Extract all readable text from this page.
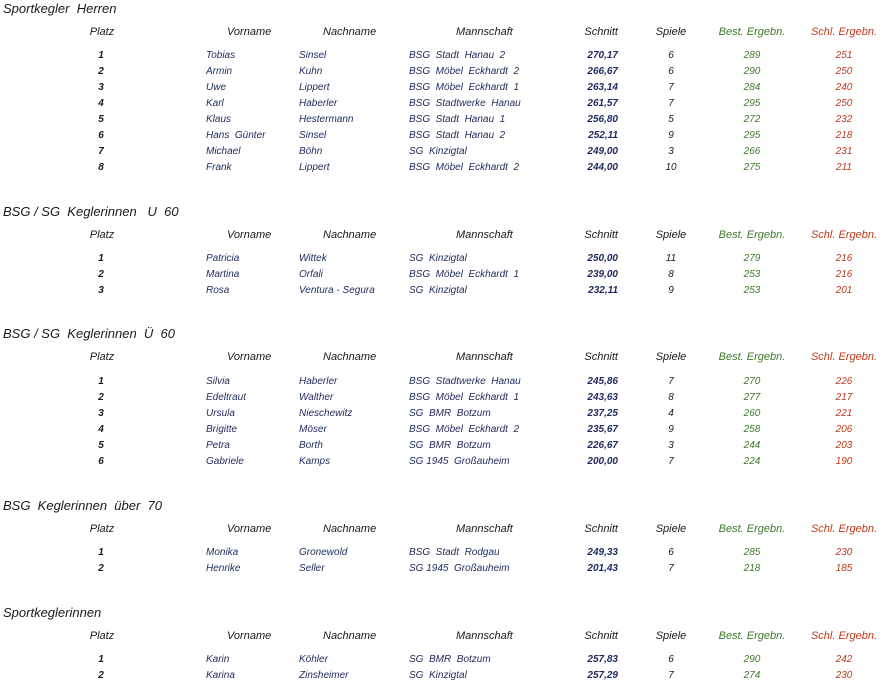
Sportkegler  Herren
Platz	Vorname	Nachname	Mannschaft	Schnitt	Spiele	Best. Ergebn.	Schl. Ergebn.
1	Tobias	Sinsel	BSG  Stadt  Hanau  2	270,17	6	289	251
2	Armin	Kuhn	BSG  Möbel  Eckhardt  2	266,67	6	290	250
3	Uwe	Lippert	BSG  Möbel  Eckhardt  1	263,14	7	284	240
4	Karl	Haberler	BSG  Stadtwerke  Hanau	261,57	7	295	250
5	Klaus	Hestermann	BSG  Stadt  Hanau  1	256,80	5	272	232
6	Hans  Günter	Sinsel	BSG  Stadt  Hanau  2	252,11	9	295	218
7	Michael	Böhn	SG  Kinzigtal	249,00	3	266	231
8	Frank	Lippert	BSG  Möbel  Eckhardt  2	244,00	10	275	211
BSG / SG  Keglerinnen   U  60
Platz	Vorname	Nachname	Mannschaft	Schnitt	Spiele	Best. Ergebn.	Schl. Ergebn.
1	Patricia	Wittek	SG  Kinzigtal	250,00	11	279	216
2	Martina	Orfali	BSG  Möbel  Eckhardt  1	239,00	8	253	216
3	Rosa	Ventura - Segura	SG  Kinzigtal	232,11	9	253	201
BSG / SG  Keglerinnen  Ü  60
Platz	Vorname	Nachname	Mannschaft	Schnitt	Spiele	Best. Ergebn.	Schl. Ergebn.
1	Silvia	Haberler	BSG  Stadtwerke  Hanau	245,86	7	270	226
2	Edeltraut	Walther	BSG  Möbel  Eckhardt  1	243,63	8	277	217
3	Ursula	Nieschewitz	SG  BMR  Botzum	237,25	4	260	221
4	Brigitte	Möser	BSG  Möbel  Eckhardt  2	235,67	9	258	206
5	Petra	Borth	SG  BMR  Botzum	226,67	3	244	203
6	Gabriele	Kamps	SG 1945  Großauheim	200,00	7	224	190
BSG  Keglerinnen  über  70
Platz	Vorname	Nachname	Mannschaft	Schnitt	Spiele	Best. Ergebn.	Schl. Ergebn.
1	Monika	Gronewold	BSG  Stadt  Rodgau	249,33	6	285	230
2	Henrike	Seller	SG 1945  Großauheim	201,43	7	218	185
Sportkeglerinnen
Platz	Vorname	Nachname	Mannschaft	Schnitt	Spiele	Best. Ergebn.	Schl. Ergebn.
1	Karin	Köhler	SG  BMR  Botzum	257,83	6	290	242
2	Karina	Zinsheimer	SG  Kinzigtal	257,29	7	274	230
